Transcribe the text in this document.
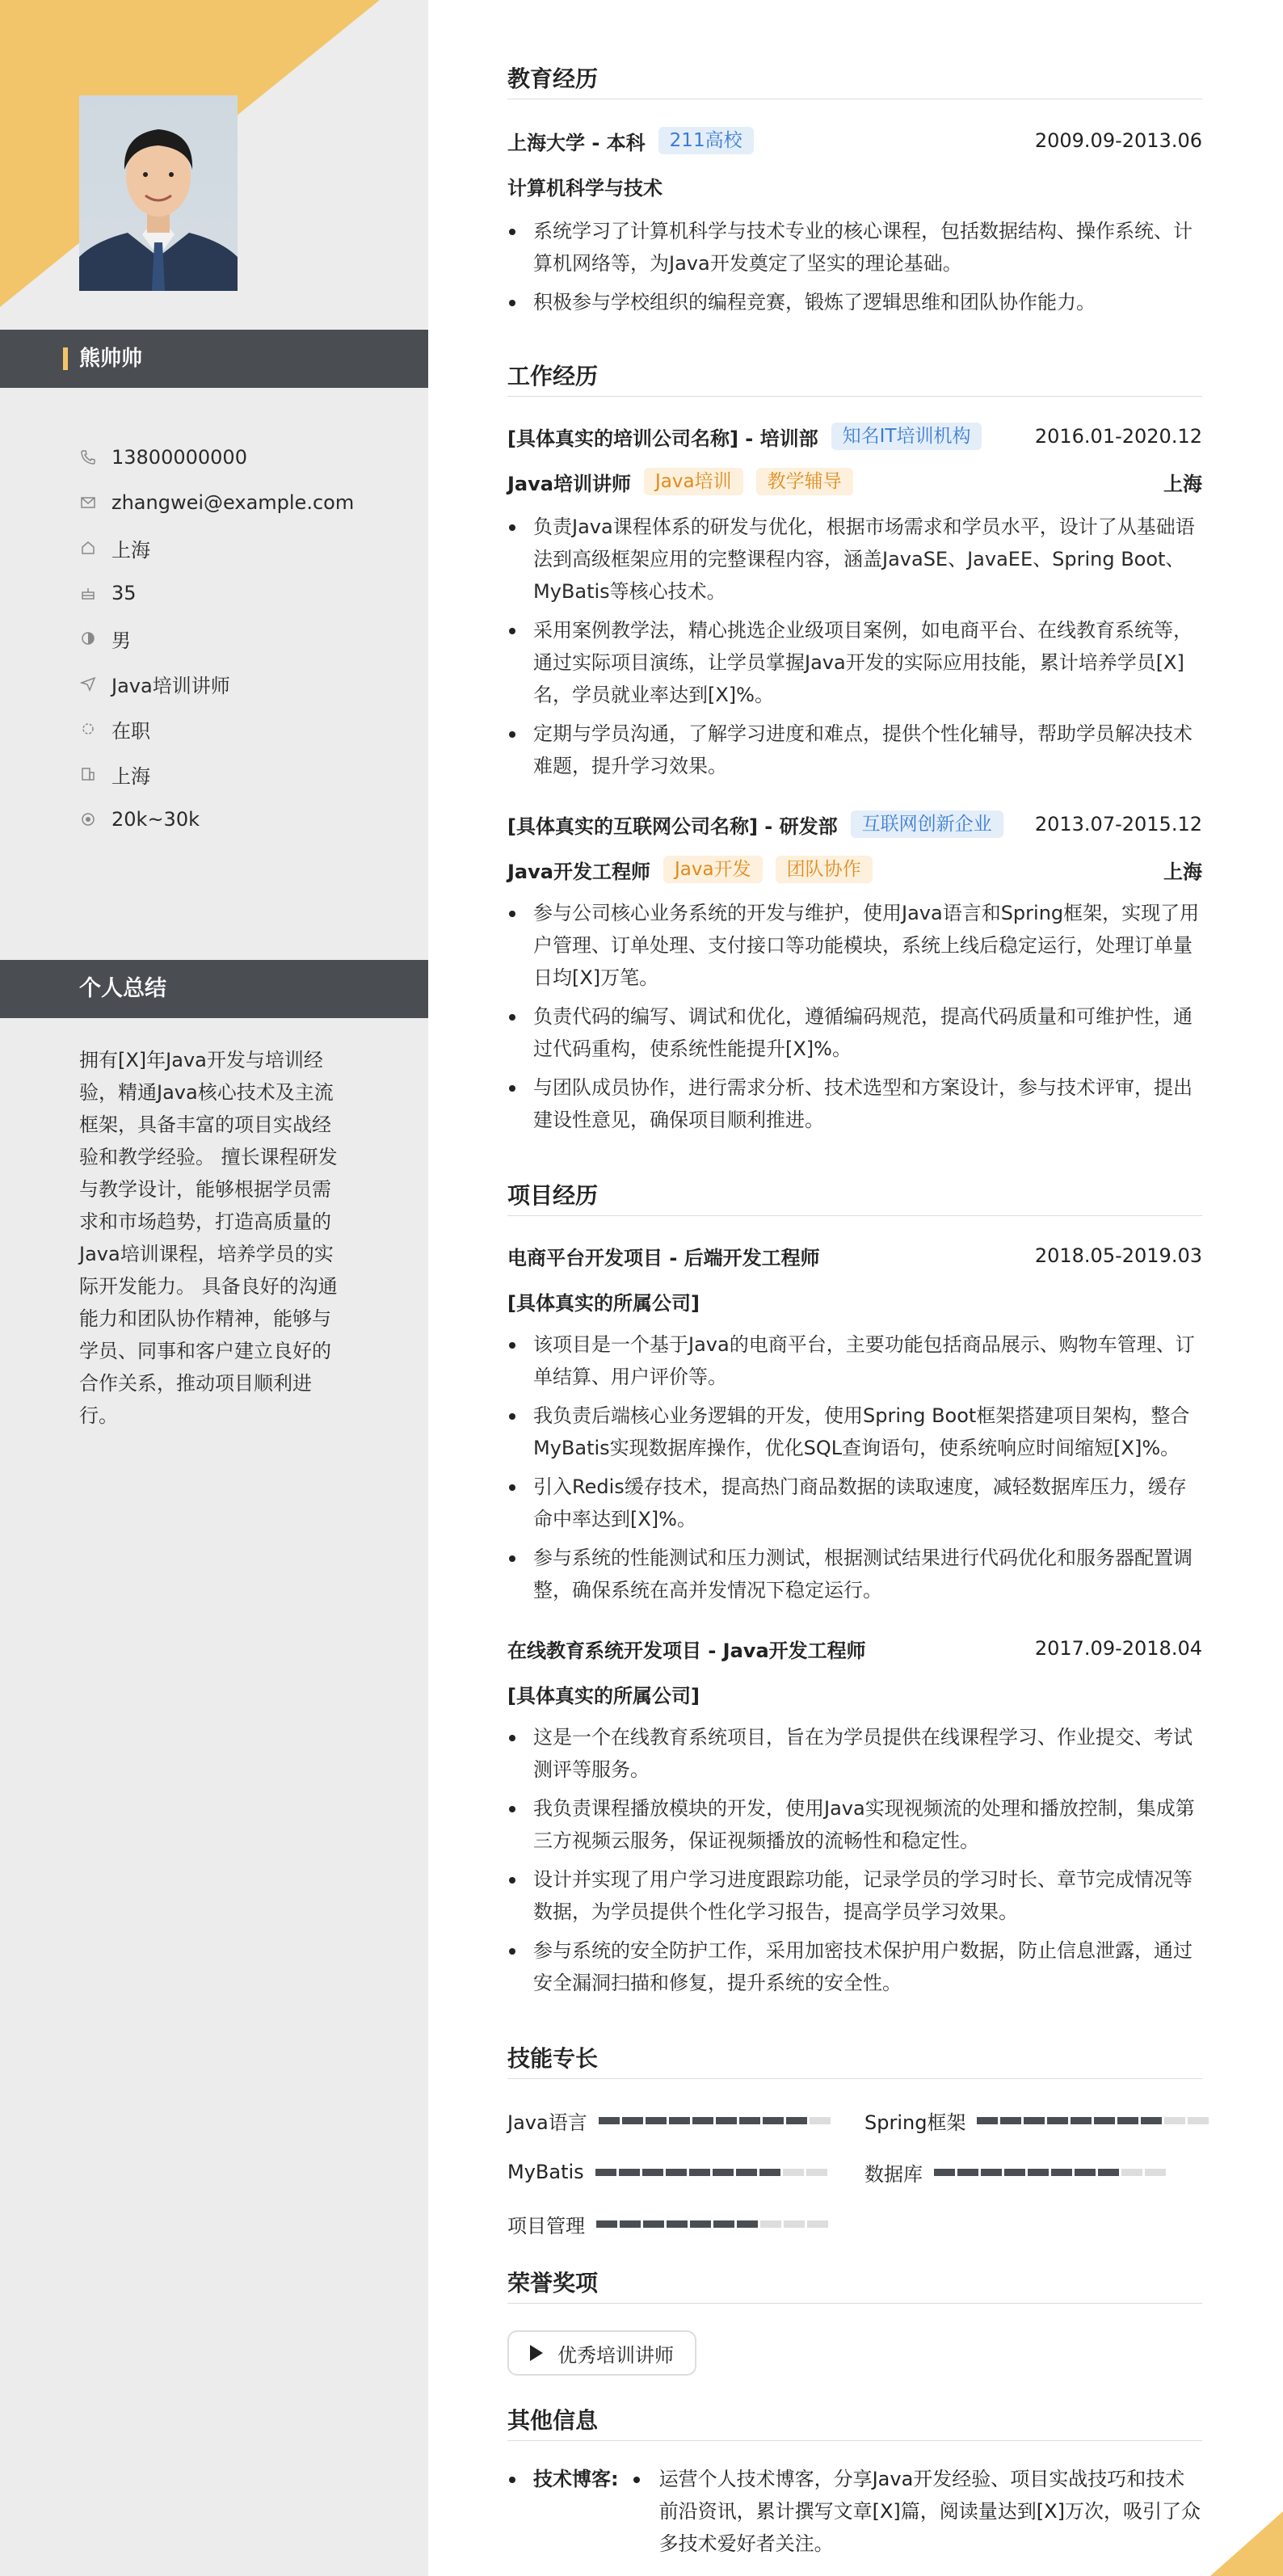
熊帅帅
13800000000
zhangwei@example.com
上海
35
男
Java培训讲师
在职
上海
20k~30k
个人总结
拥有[X]年Java开发与培训经验，精通Java核心技术及主流框架，具备丰富的项目实战经验和教学经验。 擅长课程研发与教学设计，能够根据学员需求和市场趋势，打造高质量的Java培训课程，培养学员的实际开发能力。 具备良好的沟通能力和团队协作精神，能够与学员、同事和客户建立良好的合作关系，推动项目顺利进行。
教育经历
上海大学 - 本科	211高校	2009.09-2013.06
计算机科学与技术
系统学习了计算机科学与技术专业的核心课程，包括数据结构、操作系统、计算机网络等，为Java开发奠定了坚实的理论基础。
积极参与学校组织的编程竞赛，锻炼了逻辑思维和团队协作能力。
工作经历
[具体真实的培训公司名称] - 培训部	知名IT培训机构	2016.01-2020.12
Java培训讲师	Java培训	教学辅导	上海
负责Java课程体系的研发与优化，根据市场需求和学员水平，设计了从基础语法到高级框架应用的完整课程内容，涵盖JavaSE、JavaEE、Spring Boot、MyBatis等核心技术。
采用案例教学法，精心挑选企业级项目案例，如电商平台、在线教育系统等，通过实际项目演练，让学员掌握Java开发的实际应用技能，累计培养学员[X]名，学员就业率达到[X]%。
定期与学员沟通，了解学习进度和难点，提供个性化辅导，帮助学员解决技术难题，提升学习效果。
[具体真实的互联网公司名称] - 研发部	互联网创新企业	2013.07-2015.12
Java开发工程师	Java开发	团队协作	上海
参与公司核心业务系统的开发与维护，使用Java语言和Spring框架，实现了用户管理、订单处理、支付接口等功能模块，系统上线后稳定运行，处理订单量日均[X]万笔。
负责代码的编写、调试和优化，遵循编码规范，提高代码质量和可维护性，通过代码重构，使系统性能提升[X]%。
与团队成员协作，进行需求分析、技术选型和方案设计，参与技术评审，提出建设性意见，确保项目顺利推进。
项目经历
电商平台开发项目 - 后端开发工程师	2018.05-2019.03
[具体真实的所属公司]
该项目是一个基于Java的电商平台，主要功能包括商品展示、购物车管理、订单结算、用户评价等。
我负责后端核心业务逻辑的开发，使用Spring Boot框架搭建项目架构，整合MyBatis实现数据库操作，优化SQL查询语句，使系统响应时间缩短[X]%。
引入Redis缓存技术，提高热门商品数据的读取速度，减轻数据库压力，缓存命中率达到[X]%。
参与系统的性能测试和压力测试，根据测试结果进行代码优化和服务器配置调整，确保系统在高并发情况下稳定运行。
在线教育系统开发项目 - Java开发工程师	2017.09-2018.04
[具体真实的所属公司]
这是一个在线教育系统项目，旨在为学员提供在线课程学习、作业提交、考试测评等服务。
我负责课程播放模块的开发，使用Java实现视频流的处理和播放控制，集成第三方视频云服务，保证视频播放的流畅性和稳定性。
设计并实现了用户学习进度跟踪功能，记录学员的学习时长、章节完成情况等数据，为学员提供个性化学习报告，提高学员学习效果。
参与系统的安全防护工作，采用加密技术保护用户数据，防止信息泄露，通过安全漏洞扫描和修复，提升系统的安全性。
技能专长
Java语言	Spring框架
MyBatis	数据库
项目管理
荣誉奖项
优秀培训讲师
其他信息
技术博客: 运营个人技术博客，分享Java开发经验、项目实战技巧和技术前沿资讯，累计撰写文章[X]篇，阅读量达到[X]万次，吸引了众多技术爱好者关注。
